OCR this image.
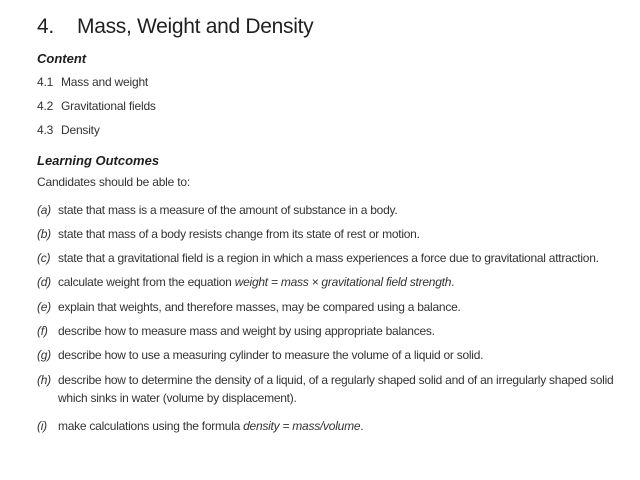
4. Mass, Weight and Density
Content
4.1 Mass and weight
4.2 Gravitational fields
4.3 Density
Learning Outcomes
Candidates should be able to:
(a) state that mass is a measure of the amount of substance in a body.
(b) state that mass of a body resists change from its state of rest or motion.
(c) state that a gravitational field is a region in which a mass experiences a force due to gravitational attraction.
(d) calculate weight from the equation weight = mass × gravitational field strength.
(e) explain that weights, and therefore masses, may be compared using a balance.
(f) describe how to measure mass and weight by using appropriate balances.
(g) describe how to use a measuring cylinder to measure the volume of a liquid or solid.
(h) describe how to determine the density of a liquid, of a regularly shaped solid and of an irregularly shaped solid which sinks in water (volume by displacement).
(i) make calculations using the formula density = mass/volume.
